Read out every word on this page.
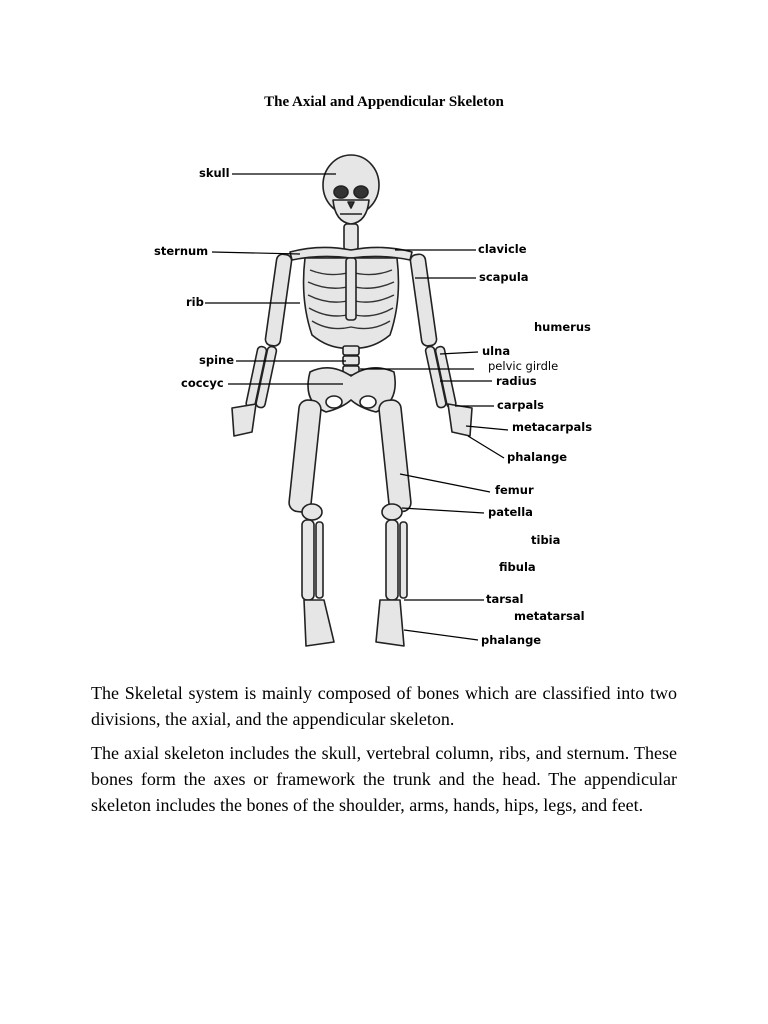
The Axial and Appendicular Skeleton
skull
sternum
rib
spine
coccyc
clavicle
scapula
humerus
ulna
pelvic girdle
radius
carpals
metacarpals
phalange
femur
patella
tibia
fibula
tarsal
metatarsal
phalange

The Skeletal system is mainly composed of bones which are classified into two divisions, the axial, and the appendicular skeleton.

The axial skeleton includes the skull, vertebral column, ribs, and sternum. These bones form the axes or framework the trunk and the head. The appendicular skeleton includes the bones of the shoulder, arms, hands, hips, legs, and feet.
